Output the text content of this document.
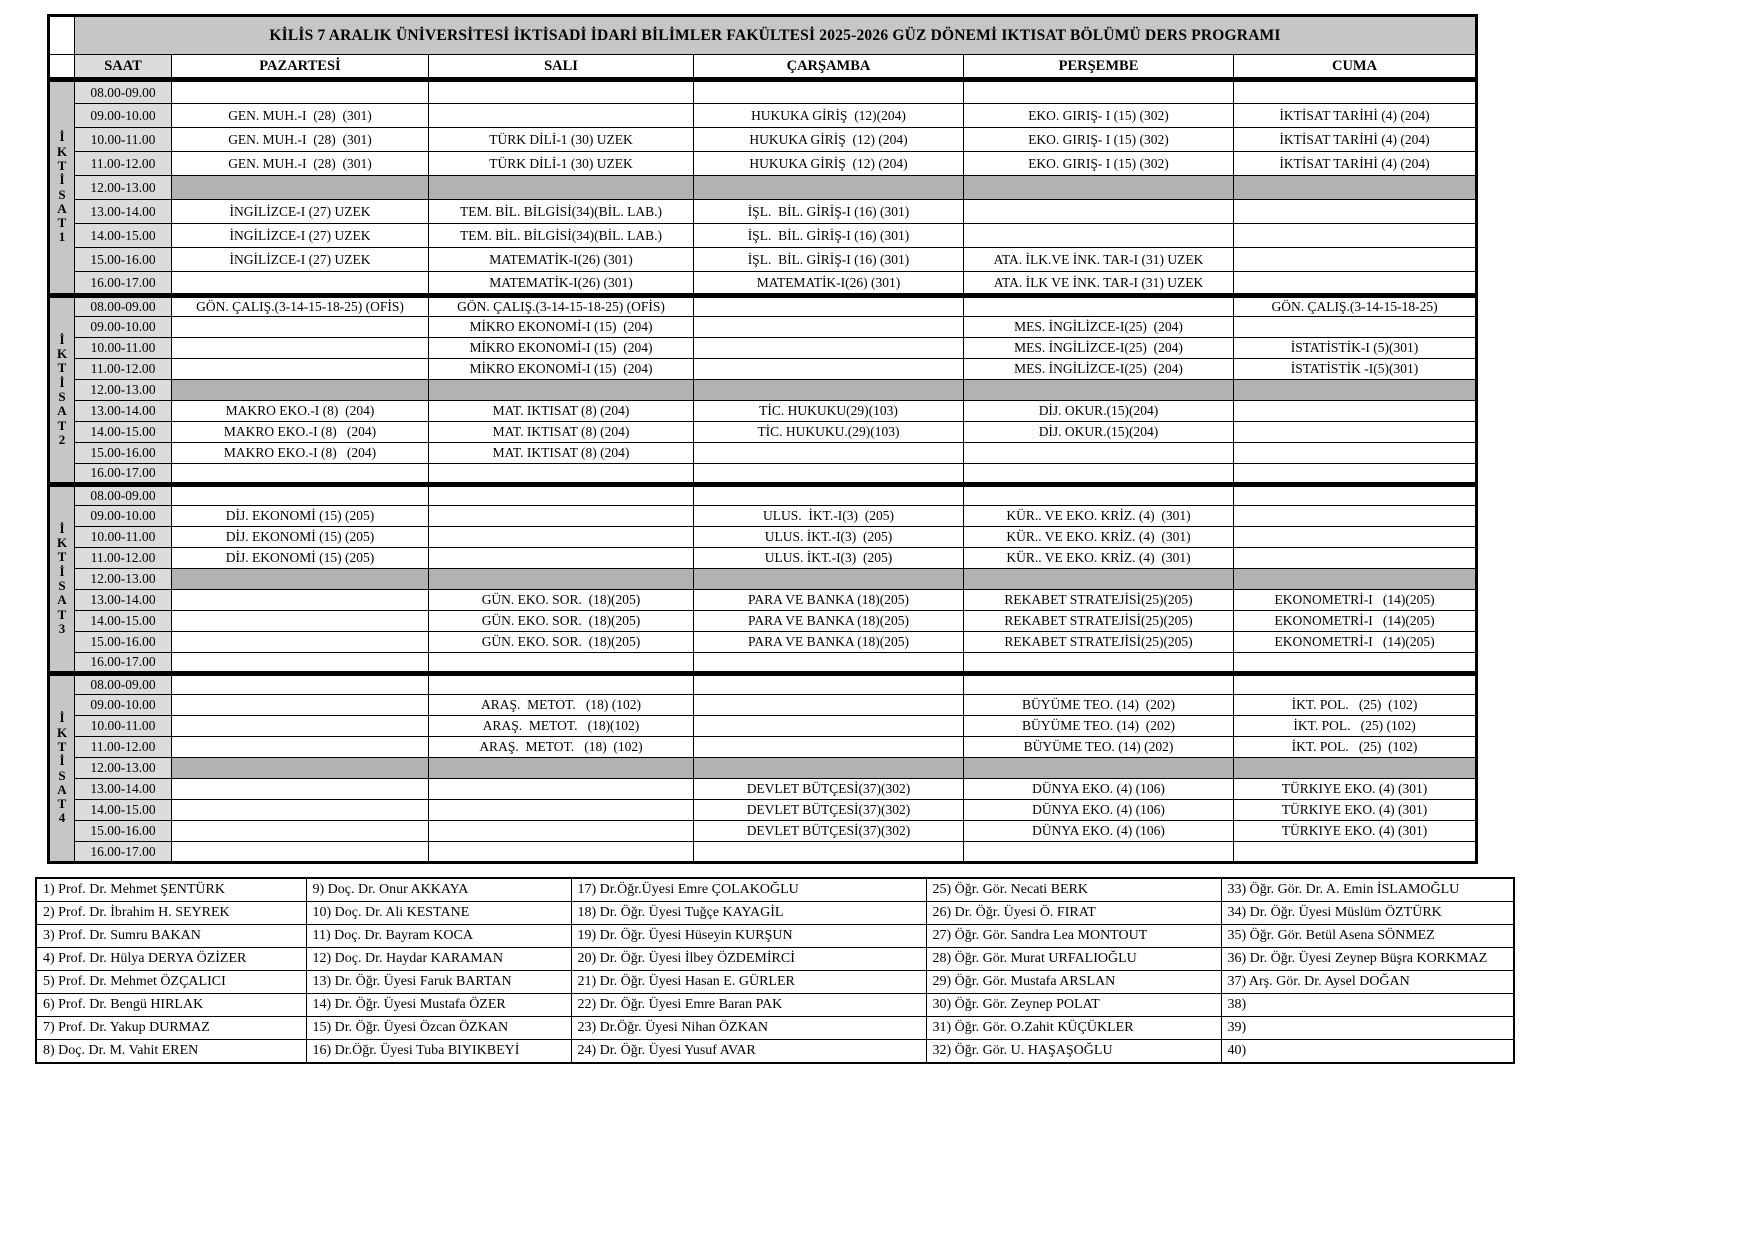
	KİLİS 7 ARALIK ÜNİVERSİTESİ İKTİSADİ İDARİ BİLİMLER FAKÜLTESİ 2025-2026 GÜZ DÖNEMİ IKTISAT BÖLÜMÜ DERS PROGRAMI					
	SAAT	PAZARTESİ	SALI	ÇARŞAMBA	PERŞEMBE	CUMA

İ
K
T
İ
S
A
T
1
	08.00-09.00					
	09.00-10.00	GEN. MUH.-I  (28)  (301)		HUKUKA GİRİŞ  (12)(204)	EKO. GIRIŞ- I (15) (302)	İKTİSAT TARİHİ (4) (204)
	10.00-11.00	GEN. MUH.-I  (28)  (301)	TÜRK DİLİ-1 (30) UZEK	HUKUKA GİRİŞ  (12) (204)	EKO. GIRIŞ- I (15) (302)	İKTİSAT TARİHİ (4) (204)
	11.00-12.00	GEN. MUH.-I  (28)  (301)	TÜRK DİLİ-1 (30) UZEK	HUKUKA GİRİŞ  (12) (204)	EKO. GIRIŞ- I (15) (302)	İKTİSAT TARİHİ (4) (204)
	12.00-13.00					
	13.00-14.00	İNGİLİZCE-I (27) UZEK	TEM. BİL. BİLGİSİ(34)(BİL. LAB.)	İŞL.  BİL. GİRİŞ-I (16) (301)		
	14.00-15.00	İNGİLİZCE-I (27) UZEK	TEM. BİL. BİLGİSİ(34)(BİL. LAB.)	İŞL.  BİL. GİRİŞ-I (16) (301)		
	15.00-16.00	İNGİLİZCE-I (27) UZEK	MATEMATİK-I(26) (301)	İŞL.  BİL. GİRİŞ-I (16) (301)	ATA. İLK.VE İNK. TAR-I (31) UZEK	
	16.00-17.00		MATEMATİK-I(26) (301)	MATEMATİK-I(26) (301)	ATA. İLK VE İNK. TAR-I (31) UZEK	

İ
K
T
İ
S
A
T
2
	08.00-09.00	GÖN. ÇALIŞ.(3-14-15-18-25) (OFİS)	GÖN. ÇALIŞ.(3-14-15-18-25) (OFİS)			GÖN. ÇALIŞ.(3-14-15-18-25)
	09.00-10.00		MİKRO EKONOMİ-I (15)  (204)		MES. İNGİLİZCE-I(25)  (204)	
	10.00-11.00		MİKRO EKONOMİ-I (15)  (204)		MES. İNGİLİZCE-I(25)  (204)	İSTATİSTİK-I (5)(301)
	11.00-12.00		MİKRO EKONOMİ-I (15)  (204)		MES. İNGİLİZCE-I(25)  (204)	İSTATİSTİK -I(5)(301)
	12.00-13.00					
	13.00-14.00	MAKRO EKO.-I (8)  (204)	MAT. IKTISAT (8) (204)	TİC. HUKUKU(29)(103)	DİJ. OKUR.(15)(204)	
	14.00-15.00	MAKRO EKO.-I (8)   (204)	MAT. IKTISAT (8) (204)	TİC. HUKUKU.(29)(103)	DİJ. OKUR.(15)(204)	
	15.00-16.00	MAKRO EKO.-I (8)   (204)	MAT. IKTISAT (8) (204)			
	16.00-17.00					

İ
K
T
İ
S
A
T
3
	08.00-09.00					
	09.00-10.00	DİJ. EKONOMİ (15) (205)		ULUS.  İKT.-I(3)  (205)	KÜR.. VE EKO. KRİZ. (4)  (301)	
	10.00-11.00	DİJ. EKONOMİ (15) (205)		ULUS. İKT.-I(3)  (205)	KÜR.. VE EKO. KRİZ. (4)  (301)	
	11.00-12.00	DİJ. EKONOMİ (15) (205)		ULUS. İKT.-I(3)  (205)	KÜR.. VE EKO. KRİZ. (4)  (301)	
	12.00-13.00					
	13.00-14.00		GÜN. EKO. SOR.  (18)(205)	PARA VE BANKA (18)(205)	REKABET STRATEJİSİ(25)(205)	EKONOMETRİ-I   (14)(205)
	14.00-15.00		GÜN. EKO. SOR.  (18)(205)	PARA VE BANKA (18)(205)	REKABET STRATEJİSİ(25)(205)	EKONOMETRİ-I   (14)(205)
	15.00-16.00		GÜN. EKO. SOR.  (18)(205)	PARA VE BANKA (18)(205)	REKABET STRATEJİSİ(25)(205)	EKONOMETRİ-I   (14)(205)
	16.00-17.00					

İ
K
T
İ
S
A
T
4
	08.00-09.00					
	09.00-10.00		ARAŞ.  METOT.   (18) (102)		BÜYÜME TEO. (14)  (202)	İKT. POL.   (25)  (102)
	10.00-11.00		ARAŞ.  METOT.   (18)(102)		BÜYÜME TEO. (14)  (202)	İKT. POL.   (25) (102)
	11.00-12.00		ARAŞ.  METOT.   (18)  (102)		BÜYÜME TEO. (14) (202)	İKT. POL.   (25)  (102)
	12.00-13.00					
	13.00-14.00			DEVLET BÜTÇESİ(37)(302)	DÜNYA EKO. (4) (106)	TÜRKIYE EKO. (4) (301)
	14.00-15.00			DEVLET BÜTÇESİ(37)(302)	DÜNYA EKO. (4) (106)	TÜRKIYE EKO. (4) (301)
	15.00-16.00			DEVLET BÜTÇESİ(37)(302)	DÜNYA EKO. (4) (106)	TÜRKIYE EKO. (4) (301)
	16.00-17.00					
1) Prof. Dr. Mehmet ŞENTÜRK	9) Doç. Dr. Onur AKKAYA	17) Dr.Öğr.Üyesi Emre ÇOLAKOĞLU	25) Öğr. Gör. Necati BERK	33) Öğr. Gör. Dr. A. Emin İSLAMOĞLU
2) Prof. Dr. İbrahim H. SEYREK	10) Doç. Dr. Ali KESTANE	18) Dr. Öğr. Üyesi Tuğçe KAYAGİL	26) Dr. Öğr. Üyesi Ö. FIRAT	34) Dr. Öğr. Üyesi Müslüm ÖZTÜRK
3) Prof. Dr. Sumru BAKAN	11) Doç. Dr. Bayram KOCA	19) Dr. Öğr. Üyesi Hüseyin KURŞUN	27) Öğr. Gör. Sandra Lea MONTOUT	35) Öğr. Gör. Betül Asena SÖNMEZ
4) Prof. Dr. Hülya DERYA ÖZİZER	12) Doç. Dr. Haydar KARAMAN	20) Dr. Öğr. Üyesi İlbey ÖZDEMİRCİ	28) Öğr. Gör. Murat URFALIOĞLU	36) Dr. Öğr. Üyesi Zeynep Büşra KORKMAZ
5) Prof. Dr. Mehmet ÖZÇALICI	13) Dr. Öğr. Üyesi Faruk BARTAN	21) Dr. Öğr. Üyesi Hasan E. GÜRLER	29) Öğr. Gör. Mustafa ARSLAN	37) Arş. Gör. Dr. Aysel DOĞAN
6) Prof. Dr. Bengü HIRLAK	14) Dr. Öğr. Üyesi Mustafa ÖZER	22) Dr. Öğr. Üyesi Emre Baran PAK	30) Öğr. Gör. Zeynep POLAT	38)
7) Prof. Dr. Yakup DURMAZ	15) Dr. Öğr. Üyesi Özcan ÖZKAN	23) Dr.Öğr. Üyesi Nihan ÖZKAN	31) Öğr. Gör. O.Zahit KÜÇÜKLER	39)
8) Doç. Dr. M. Vahit EREN	16) Dr.Öğr. Üyesi Tuba BIYIKBEYİ	24) Dr. Öğr. Üyesi Yusuf AVAR	32) Öğr. Gör. U. HAŞAŞOĞLU	40)
